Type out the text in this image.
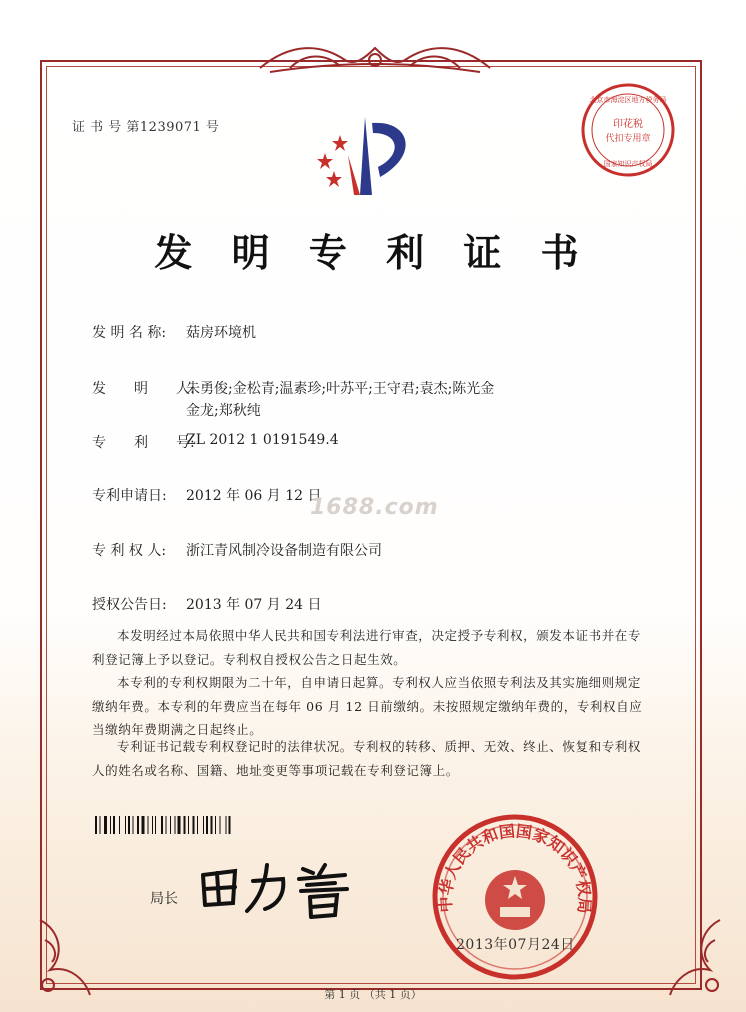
证 书 号 第1239071 号	印花税
代扣专用章
北京市海淀区地方税务局
国家知识产权局
发 明 专 利 证 书
发 明 名 称: 菇房环境机
发　　明　　人:
朱勇俊;金松青;温素珍;叶苏平;王守君;袁杰;陈光金
金龙;郑秋纯
专　　利　　号:
ZL 2012 1 0191549.4
专利申请日: 2012 年 06 月 12 日
1688.com
专 利 权 人: 浙江青风制冷设备制造有限公司
授权公告日: 2013 年 07 月 24 日
本发明经过本局依照中华人民共和国专利法进行审查，决定授予专利权，颁发本证书并在专利登记簿上予以登记。专利权自授权公告之日起生效。
本专利的专利权期限为二十年，自申请日起算。专利权人应当依照专利法及其实施细则规定缴纳年费。本专利的年费应当在每年 06 月 12 日前缴纳。未按照规定缴纳年费的，专利权自应当缴纳年费期满之日起终止。
专利证书记载专利权登记时的法律状况。专利权的转移、质押、无效、终止、恢复和专利权人的姓名或名称、国籍、地址变更等事项记载在专利登记簿上。
局长	中华人民共和国国家知识产权局
2013年07月24日
第 1 页 （共 1 页）
